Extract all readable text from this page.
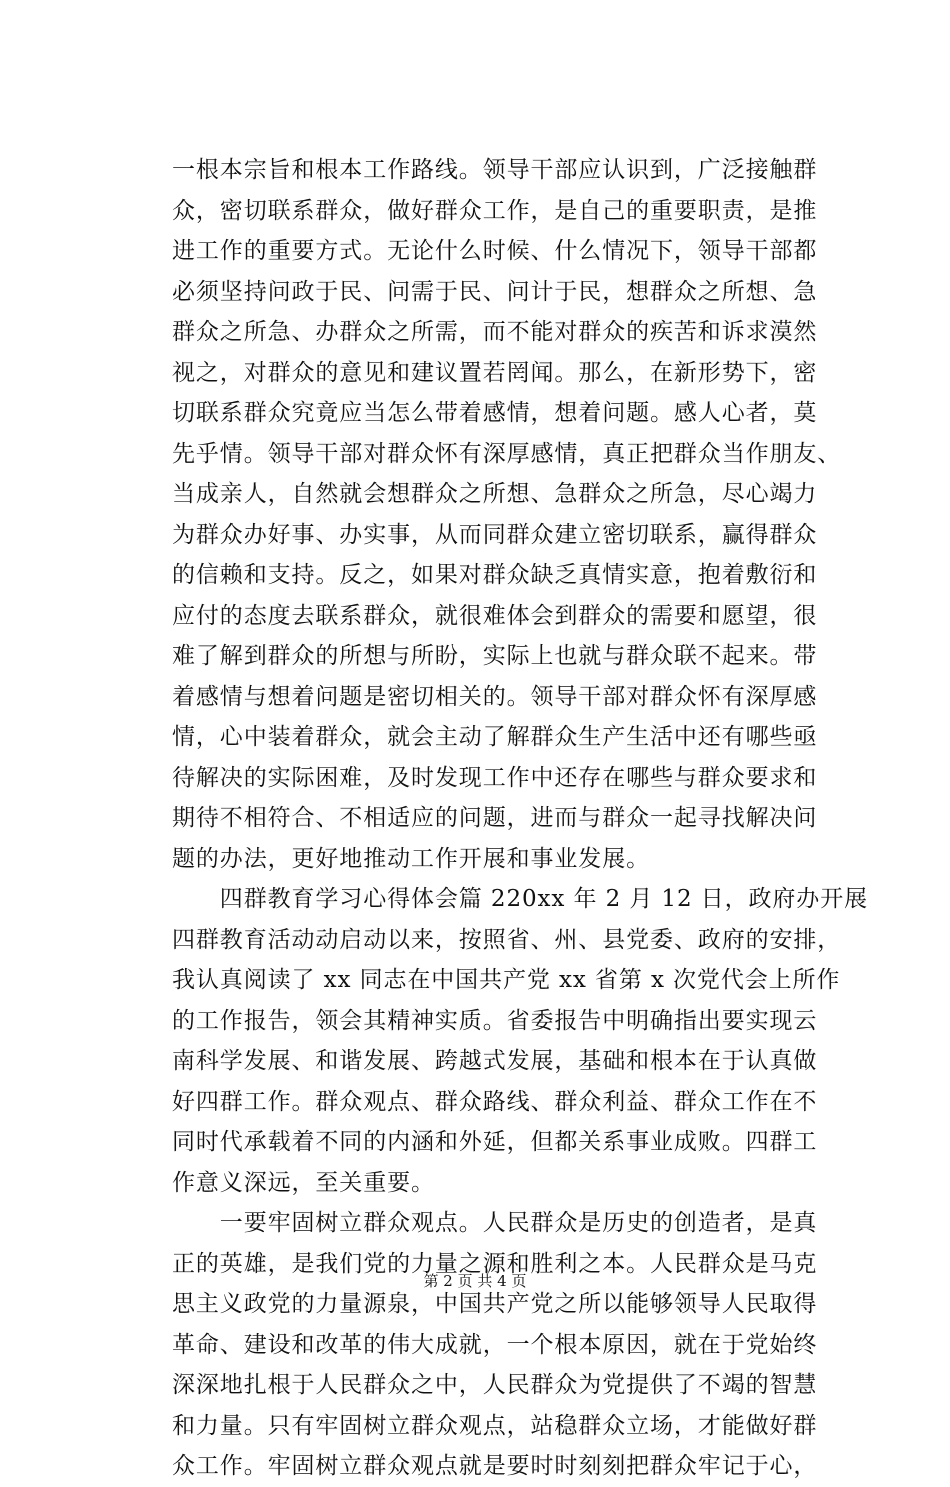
一根本宗旨和根本工作路线。领导干部应认识到，广泛接触群
众，密切联系群众，做好群众工作，是自己的重要职责，是推
进工作的重要方式。无论什么时候、什么情况下，领导干部都
必须坚持问政于民、问需于民、问计于民，想群众之所想、急
群众之所急、办群众之所需，而不能对群众的疾苦和诉求漠然
视之，对群众的意见和建议置若罔闻。那么，在新形势下，密
切联系群众究竟应当怎么带着感情，想着问题。感人心者，莫
先乎情。领导干部对群众怀有深厚感情，真正把群众当作朋友、
当成亲人，自然就会想群众之所想、急群众之所急，尽心竭力
为群众办好事、办实事，从而同群众建立密切联系，赢得群众
的信赖和支持。反之，如果对群众缺乏真情实意，抱着敷衍和
应付的态度去联系群众，就很难体会到群众的需要和愿望，很
难了解到群众的所想与所盼，实际上也就与群众联不起来。带
着感情与想着问题是密切相关的。领导干部对群众怀有深厚感
情，心中装着群众，就会主动了解群众生产生活中还有哪些亟
待解决的实际困难，及时发现工作中还存在哪些与群众要求和
期待不相符合、不相适应的问题，进而与群众一起寻找解决问
题的办法，更好地推动工作开展和事业发展。
　　四群教育学习心得体会篇 220xx 年 2 月 12 日，政府办开展
四群教育活动动启动以来，按照省、州、县党委、政府的安排，
我认真阅读了 xx 同志在中国共产党 xx 省第 x 次党代会上所作
的工作报告，领会其精神实质。省委报告中明确指出要实现云
南科学发展、和谐发展、跨越式发展，基础和根本在于认真做
好四群工作。群众观点、群众路线、群众利益、群众工作在不
同时代承载着不同的内涵和外延，但都关系事业成败。四群工
作意义深远，至关重要。
　　一要牢固树立群众观点。人民群众是历史的创造者，是真
正的英雄，是我们党的力量之源和胜利之本。人民群众是马克
思主义政党的力量源泉，中国共产党之所以能够领导人民取得
革命、建设和改革的伟大成就，一个根本原因，就在于党始终
深深地扎根于人民群众之中，人民群众为党提供了不竭的智慧
和力量。只有牢固树立群众观点，站稳群众立场，才能做好群
众工作。牢固树立群众观点就是要时时刻刻把群众牢记于心，
第 2 页 共 4 页
